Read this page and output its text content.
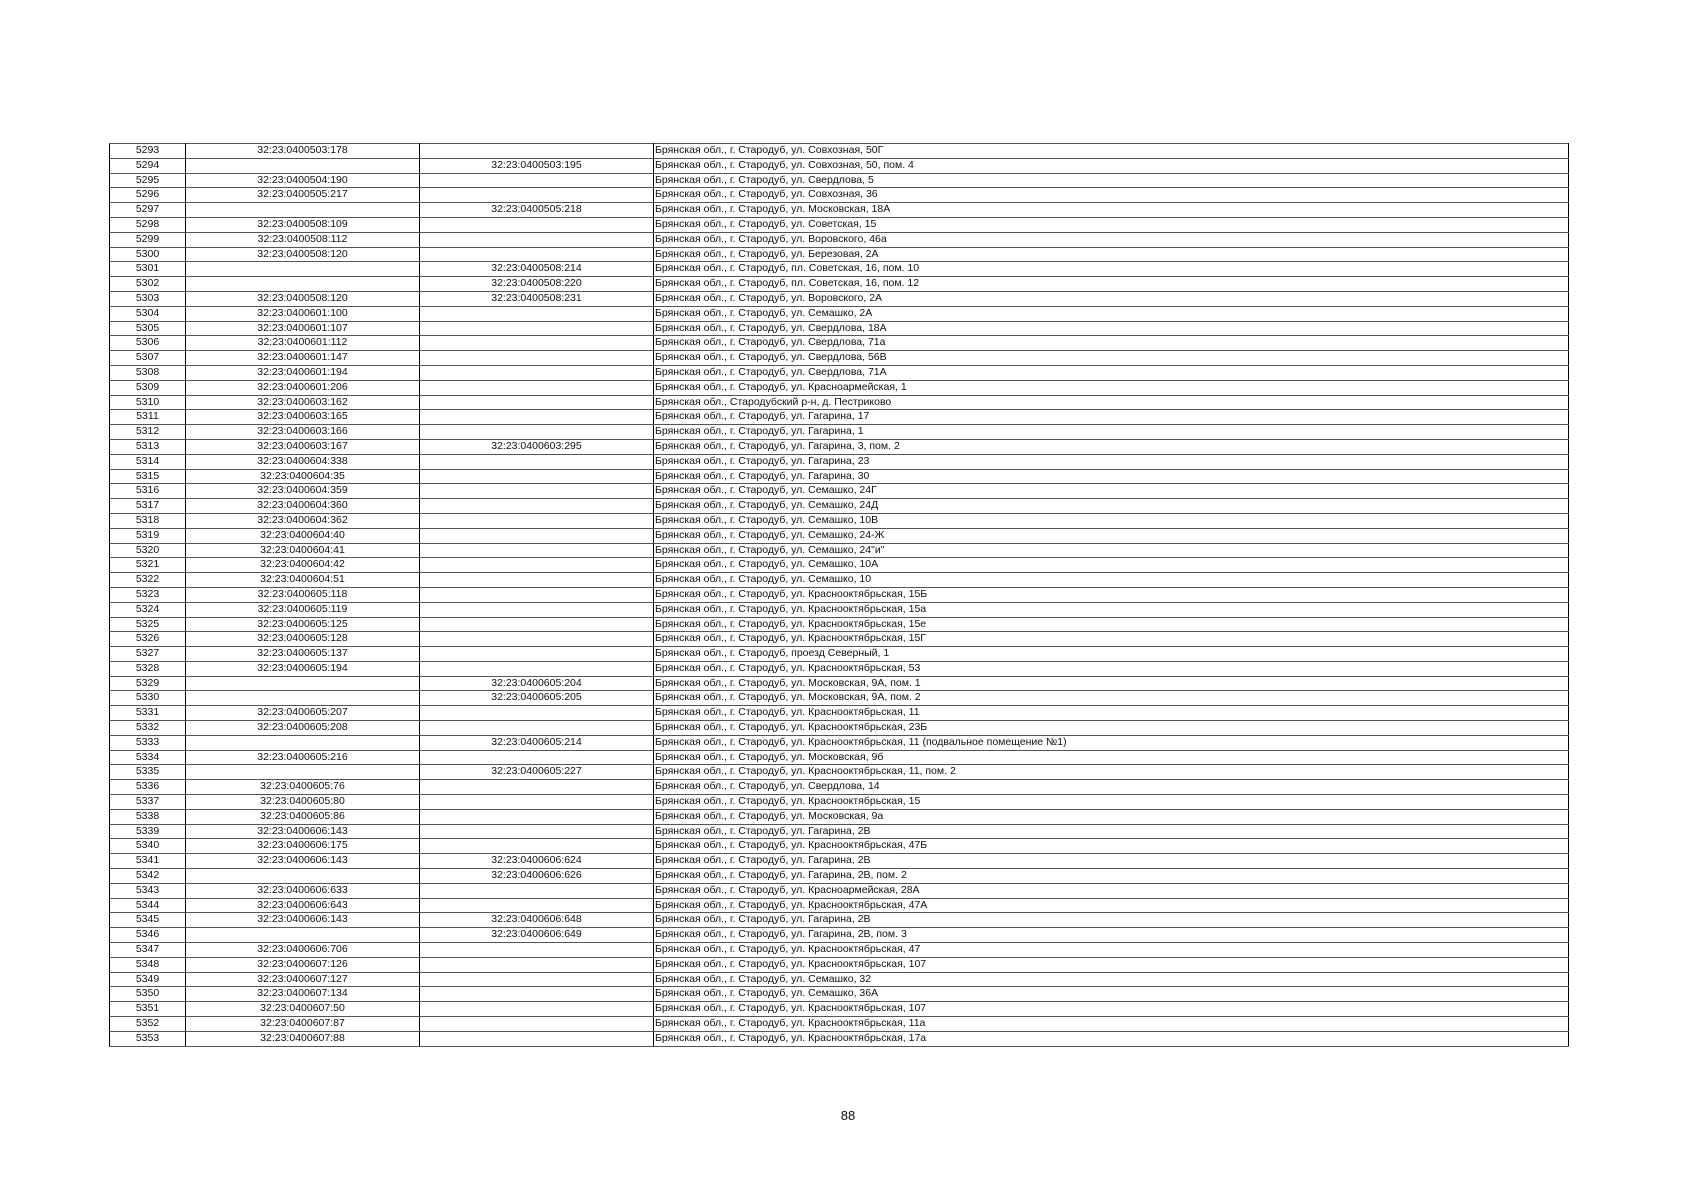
5293	32:23:0400503:178		Брянская обл., г. Стародуб, ул. Совхозная, 50Г
5294		32:23:0400503:195	Брянская обл., г. Стародуб, ул. Совхозная, 50, пом. 4
5295	32:23:0400504:190		Брянская обл., г. Стародуб, ул. Свердлова, 5
5296	32:23:0400505:217		Брянская обл., г. Стародуб, ул. Совхозная, 36
5297		32:23:0400505:218	Брянская обл., г. Стародуб, ул. Московская, 18А
5298	32:23:0400508:109		Брянская обл., г. Стародуб, ул. Советская, 15
5299	32:23:0400508:112		Брянская обл., г. Стародуб, ул. Воровского, 46а
5300	32:23:0400508:120		Брянская обл., г. Стародуб, ул. Березовая, 2А
5301		32:23:0400508:214	Брянская обл., г. Стародуб, пл. Советская, 16, пом. 10
5302		32:23:0400508:220	Брянская обл., г. Стародуб, пл. Советская, 16, пом. 12
5303	32:23:0400508:120	32:23:0400508:231	Брянская обл., г. Стародуб, ул. Воровского, 2А
5304	32:23:0400601:100		Брянская обл., г. Стародуб, ул. Семашко, 2А
5305	32:23:0400601:107		Брянская обл., г. Стародуб, ул. Свердлова, 18А
5306	32:23:0400601:112		Брянская обл., г. Стародуб, ул. Свердлова, 71а
5307	32:23:0400601:147		Брянская обл., г. Стародуб, ул. Свердлова, 56В
5308	32:23:0400601:194		Брянская обл., г. Стародуб, ул. Свердлова, 71А
5309	32:23:0400601:206		Брянская обл., г. Стародуб, ул. Красноармейская, 1
5310	32:23:0400603:162		Брянская обл., Стародубский р-н, д. Пестриково
5311	32:23:0400603:165		Брянская обл., г. Стародуб, ул. Гагарина, 17
5312	32:23:0400603:166		Брянская обл., г. Стародуб, ул. Гагарина, 1
5313	32:23:0400603:167	32:23:0400603:295	Брянская обл., г. Стародуб, ул. Гагарина, 3, пом. 2
5314	32:23:0400604:338		Брянская обл., г. Стародуб, ул. Гагарина, 23
5315	32:23:0400604:35		Брянская обл., г. Стародуб, ул. Гагарина, 30
5316	32:23:0400604:359		Брянская обл., г. Стародуб, ул. Семашко, 24Г
5317	32:23:0400604:360		Брянская обл., г. Стародуб, ул. Семашко, 24Д
5318	32:23:0400604:362		Брянская обл., г. Стародуб, ул. Семашко, 10В
5319	32:23:0400604:40		Брянская обл., г. Стародуб, ул. Семашко, 24-Ж
5320	32:23:0400604:41		Брянская обл., г. Стародуб, ул. Семашко, 24"и"
5321	32:23:0400604:42		Брянская обл., г. Стародуб, ул. Семашко, 10А
5322	32:23:0400604:51		Брянская обл., г. Стародуб, ул. Семашко, 10
5323	32:23:0400605:118		Брянская обл., г. Стародуб, ул. Краснооктябрьская, 15Б
5324	32:23:0400605:119		Брянская обл., г. Стародуб, ул. Краснооктябрьская, 15а
5325	32:23:0400605:125		Брянская обл., г. Стародуб, ул. Краснооктябрьская, 15е
5326	32:23:0400605:128		Брянская обл., г. Стародуб, ул. Краснооктябрьская, 15Г
5327	32:23:0400605:137		Брянская обл., г. Стародуб, проезд Северный, 1
5328	32:23:0400605:194		Брянская обл., г. Стародуб, ул. Краснооктябрьская, 53
5329		32:23:0400605:204	Брянская обл., г. Стародуб, ул. Московская, 9А, пом. 1
5330		32:23:0400605:205	Брянская обл., г. Стародуб, ул. Московская, 9А, пом. 2
5331	32:23:0400605:207		Брянская обл., г. Стародуб, ул. Краснооктябрьская, 11
5332	32:23:0400605:208		Брянская обл., г. Стародуб, ул. Краснооктябрьская, 23Б
5333		32:23:0400605:214	Брянская обл., г. Стародуб, ул. Краснооктябрьская, 11 (подвальное помещение №1)
5334	32:23:0400605:216		Брянская обл., г. Стародуб, ул. Московская, 9б
5335		32:23:0400605:227	Брянская обл., г. Стародуб, ул. Краснооктябрьская, 11, пом. 2
5336	32:23:0400605:76		Брянская обл., г. Стародуб, ул. Свердлова, 14
5337	32:23:0400605:80		Брянская обл., г. Стародуб, ул. Краснооктябрьская, 15
5338	32:23:0400605:86		Брянская обл., г. Стародуб, ул. Московская, 9а
5339	32:23:0400606:143		Брянская обл., г. Стародуб, ул. Гагарина, 2В
5340	32:23:0400606:175		Брянская обл., г. Стародуб, ул. Краснооктябрьская, 47Б
5341	32:23:0400606:143	32:23:0400606:624	Брянская обл., г. Стародуб, ул. Гагарина, 2В
5342		32:23:0400606:626	Брянская обл., г. Стародуб, ул. Гагарина, 2В, пом. 2
5343	32:23:0400606:633		Брянская обл., г. Стародуб, ул. Красноармейская, 28А
5344	32:23:0400606:643		Брянская обл., г. Стародуб, ул. Краснооктябрьская, 47А
5345	32:23:0400606:143	32:23:0400606:648	Брянская обл., г. Стародуб, ул. Гагарина, 2В
5346		32:23:0400606:649	Брянская обл., г. Стародуб, ул. Гагарина, 2В, пом. 3
5347	32:23:0400606:706		Брянская обл., г. Стародуб, ул. Краснооктябрьская, 47
5348	32:23:0400607:126		Брянская обл., г. Стародуб, ул. Краснооктябрьская, 107
5349	32:23:0400607:127		Брянская обл., г. Стародуб, ул. Семашко, 32
5350	32:23:0400607:134		Брянская обл., г. Стародуб, ул. Семашко, 36А
5351	32:23:0400607:50		Брянская обл., г. Стародуб, ул. Краснооктябрьская, 107
5352	32:23:0400607:87		Брянская обл., г. Стародуб, ул. Краснооктябрьская, 11а
5353	32:23:0400607:88		Брянская обл., г. Стародуб, ул. Краснооктябрьская, 17а
88
